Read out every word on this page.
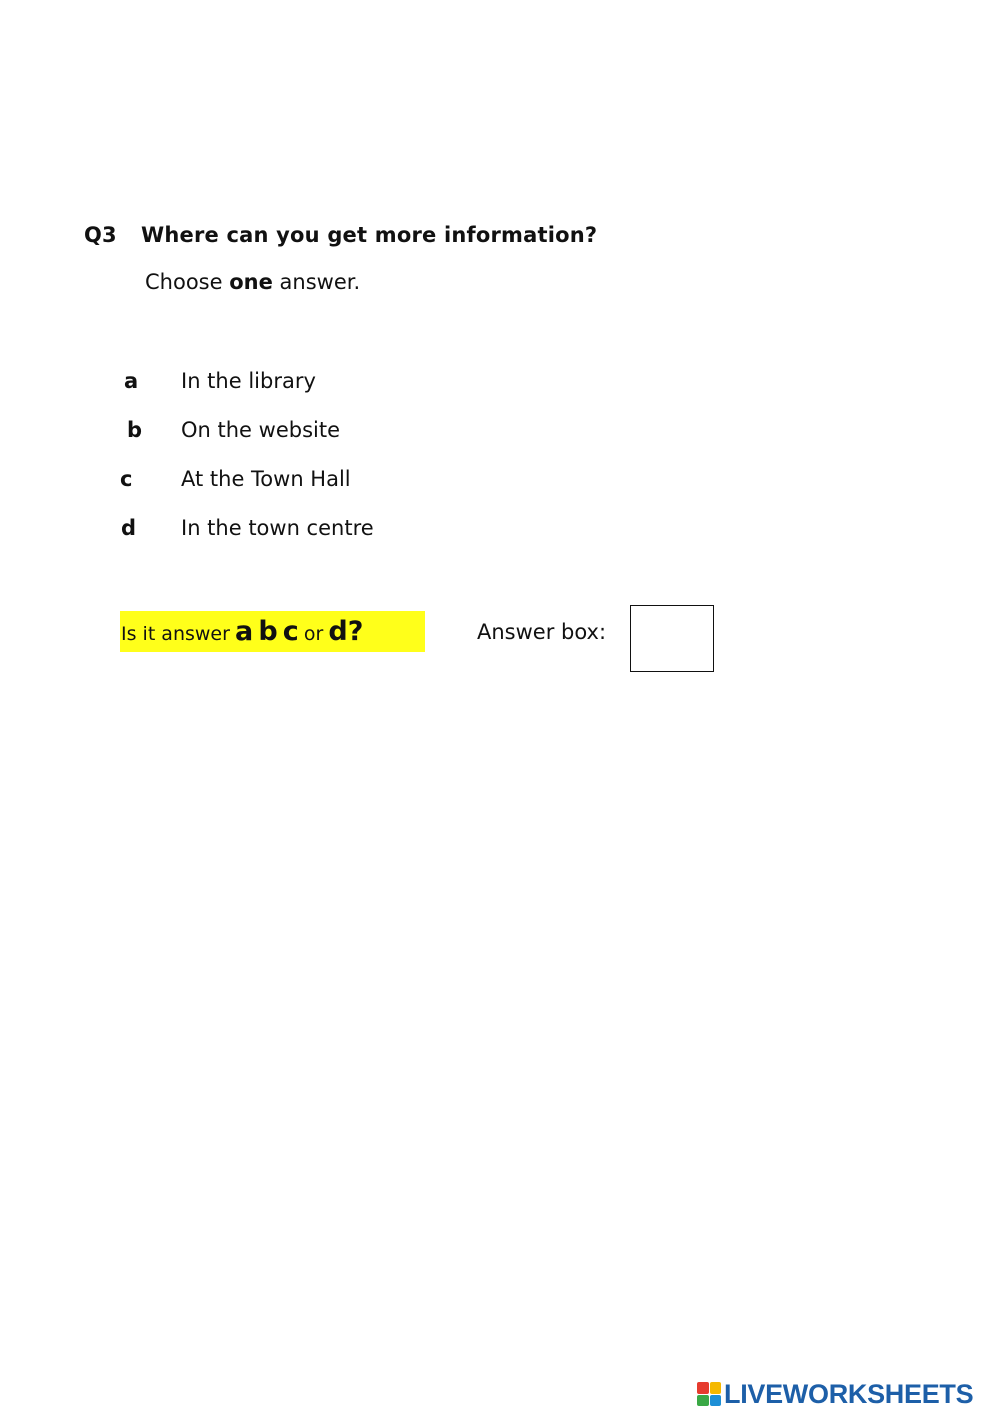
Q3 Where can you get more information?
Choose one answer.
a In the library
b On the website
c	At the Town Hall
d In the town centre
Is it answer a b c or d?	Answer box:
LIVEWORKSHEETS
